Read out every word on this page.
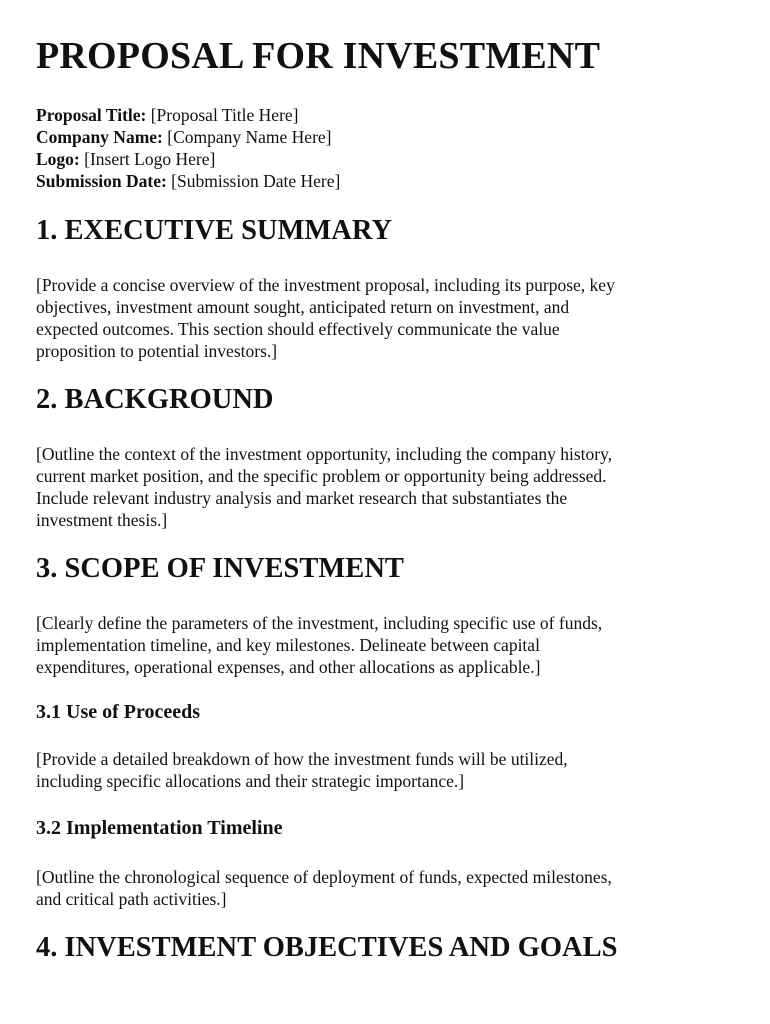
PROPOSAL FOR INVESTMENT
Proposal Title: [Proposal Title Here]
Company Name: [Company Name Here]
Logo: [Insert Logo Here]
Submission Date: [Submission Date Here]
1. EXECUTIVE SUMMARY

[Provide a concise overview of the investment proposal, including its purpose, key
objectives, investment amount sought, anticipated return on investment, and
expected outcomes. This section should effectively communicate the value
proposition to potential investors.]

2. BACKGROUND

[Outline the context of the investment opportunity, including the company history,
current market position, and the specific problem or opportunity being addressed.
Include relevant industry analysis and market research that substantiates the
investment thesis.]

3. SCOPE OF INVESTMENT

[Clearly define the parameters of the investment, including specific use of funds,
implementation timeline, and key milestones. Delineate between capital
expenditures, operational expenses, and other allocations as applicable.]

3.1 Use of Proceeds

[Provide a detailed breakdown of how the investment funds will be utilized,
including specific allocations and their strategic importance.]

3.2 Implementation Timeline

[Outline the chronological sequence of deployment of funds, expected milestones,
and critical path activities.]

4. INVESTMENT OBJECTIVES AND GOALS
